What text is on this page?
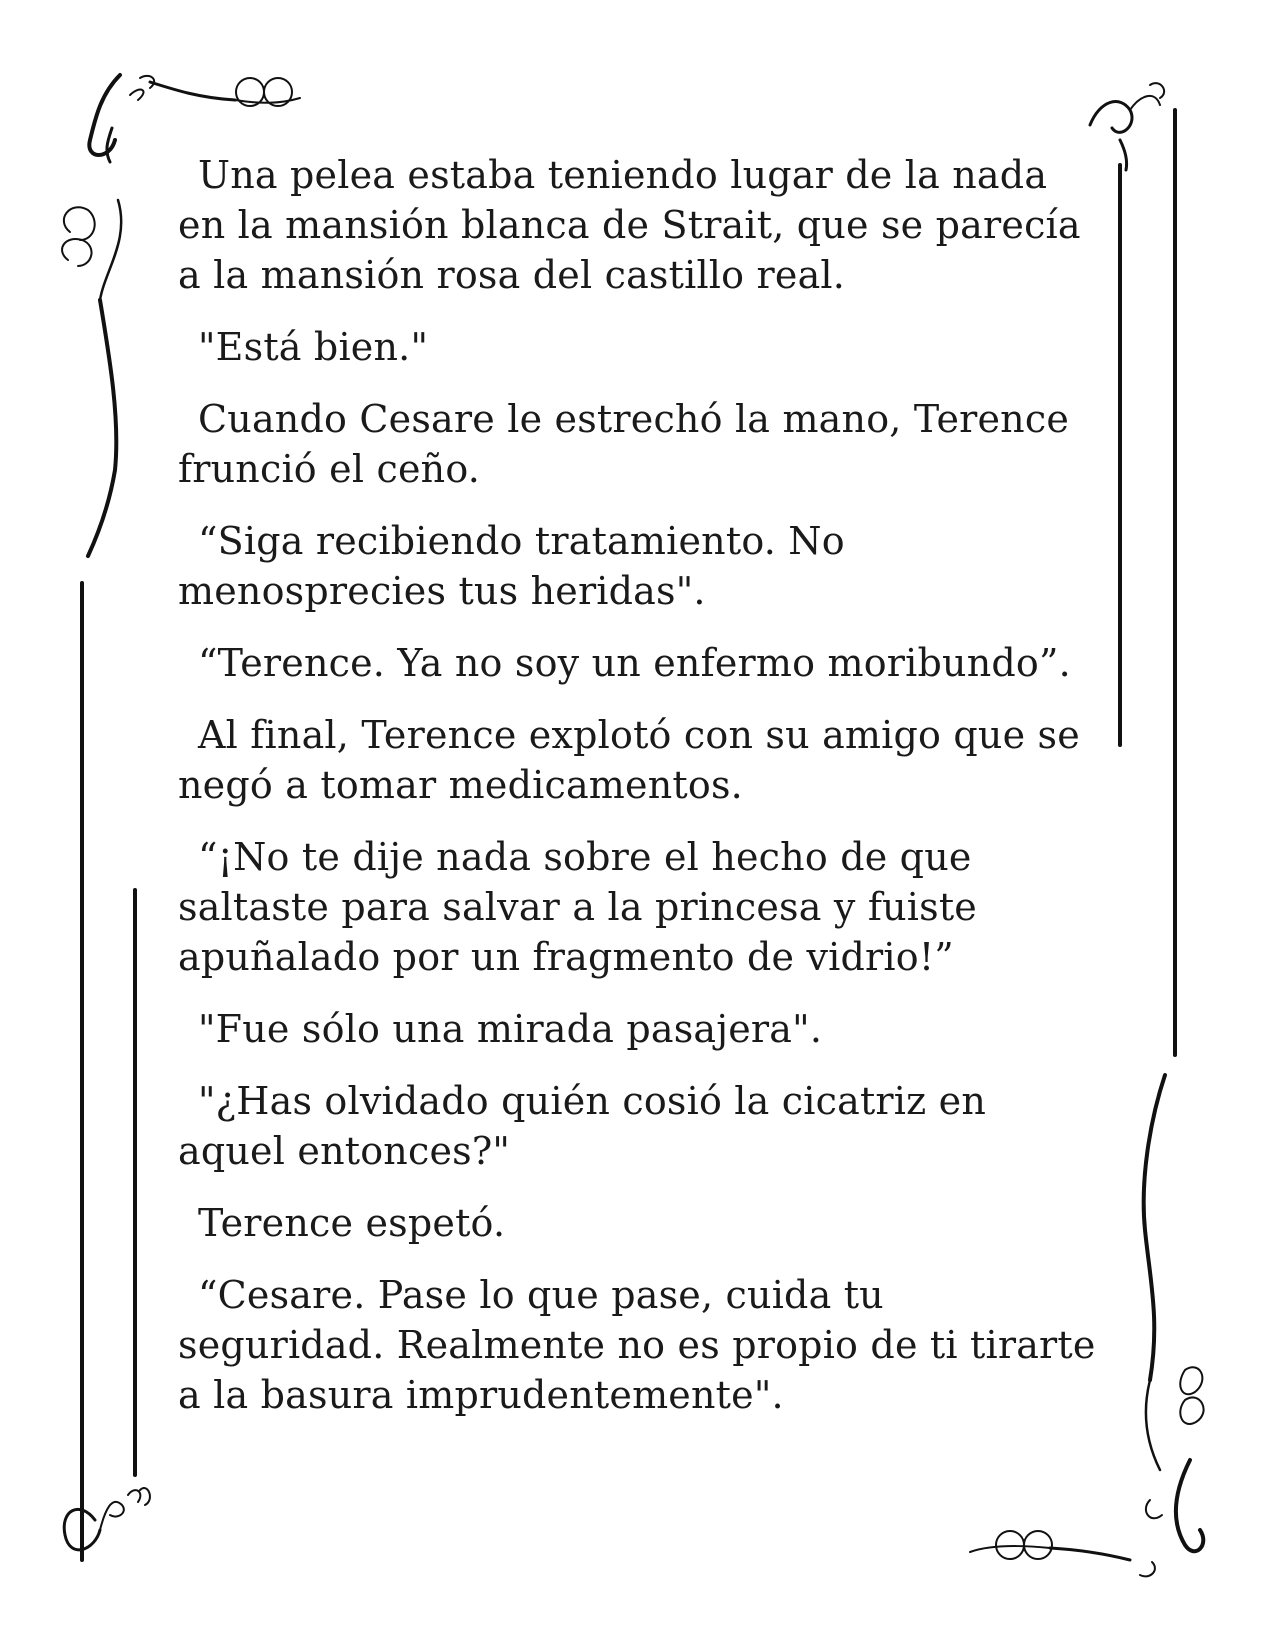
Una pelea estaba teniendo lugar de la nada en la mansión blanca de Strait, que se parecía a la mansión rosa del castillo real.

"Está bien."

Cuando Cesare le estrechó la mano, Terence frunció el ceño.

“Siga recibiendo tratamiento. No menosprecies tus heridas".

“Terence. Ya no soy un enfermo moribundo”.

Al final, Terence explotó con su amigo que se negó a tomar medicamentos.

“¡No te dije nada sobre el hecho de que saltaste para salvar a la princesa y fuiste apuñalado por un fragmento de vidrio!”

"Fue sólo una mirada pasajera".

"¿Has olvidado quién cosió la cicatriz en aquel entonces?"

Terence espetó.

“Cesare. Pase lo que pase, cuida tu seguridad. Realmente no es propio de ti tirarte a la basura imprudentemente".
